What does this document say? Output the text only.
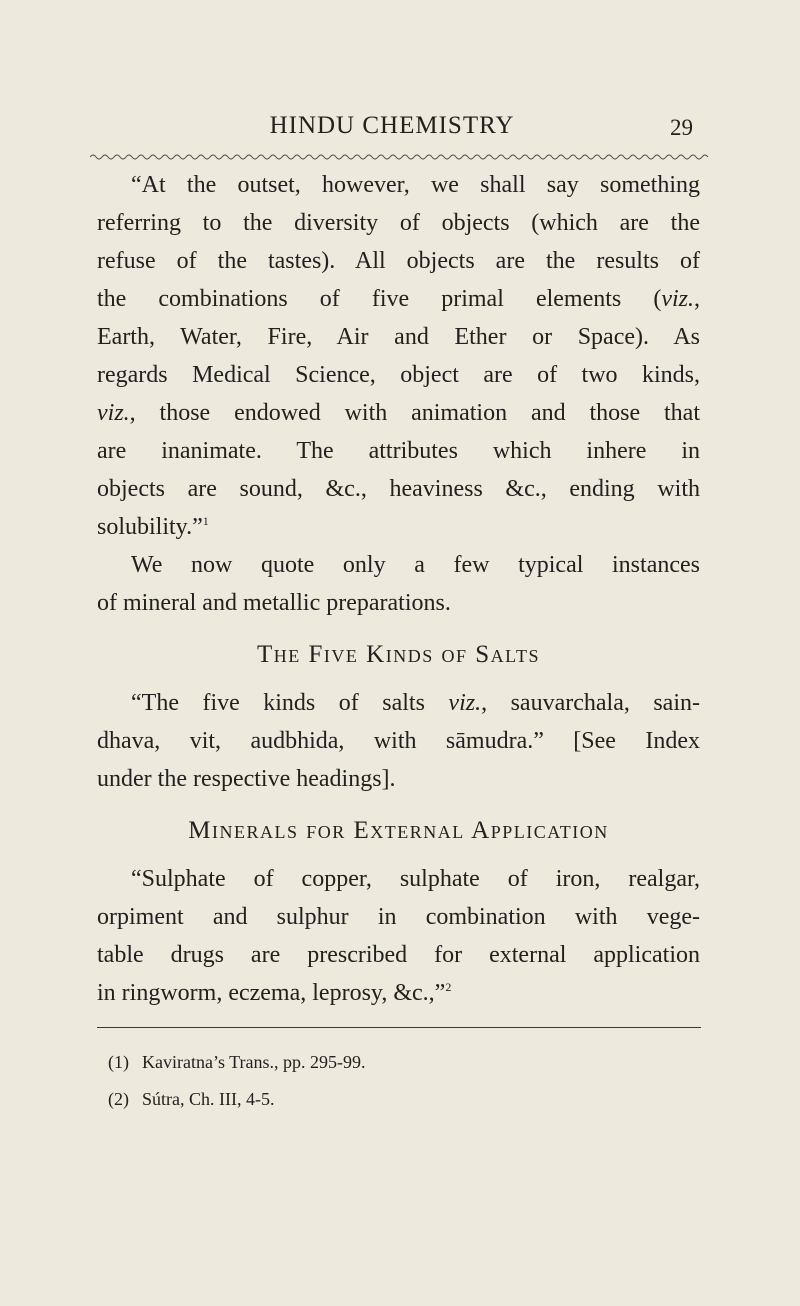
HINDU CHEMISTRY	29
“At the outset, however, we shall say something
referring to the diversity of objects (which are the
refuse of the tastes). All objects are the results of
the combinations of five primal elements (viz.,
Earth, Water, Fire, Air and Ether or Space). As
regards Medical Science, object are of two kinds,
viz., those endowed with animation and those that
are inanimate. The attributes which inhere in
objects are sound, &c., heaviness &c., ending with
solubility.”$^1$
We now quote only a few typical instances
of mineral and metallic preparations.
The Five Kinds of Salts
“The five kinds of salts viz., sauvarchala, sain-
dhava, vit, audbhida, with sāmudra.” [See Index
under the respective headings].
Minerals for External Application
“Sulphate of copper, sulphate of iron, realgar,
orpiment and sulphur in combination with vege-
table drugs are prescribed for external application
in ringworm, eczema, leprosy, &c.,”$^2$
(1) Kaviratna’s Trans., pp. 295-99.
(2) Sútra, Ch. III, 4-5.
